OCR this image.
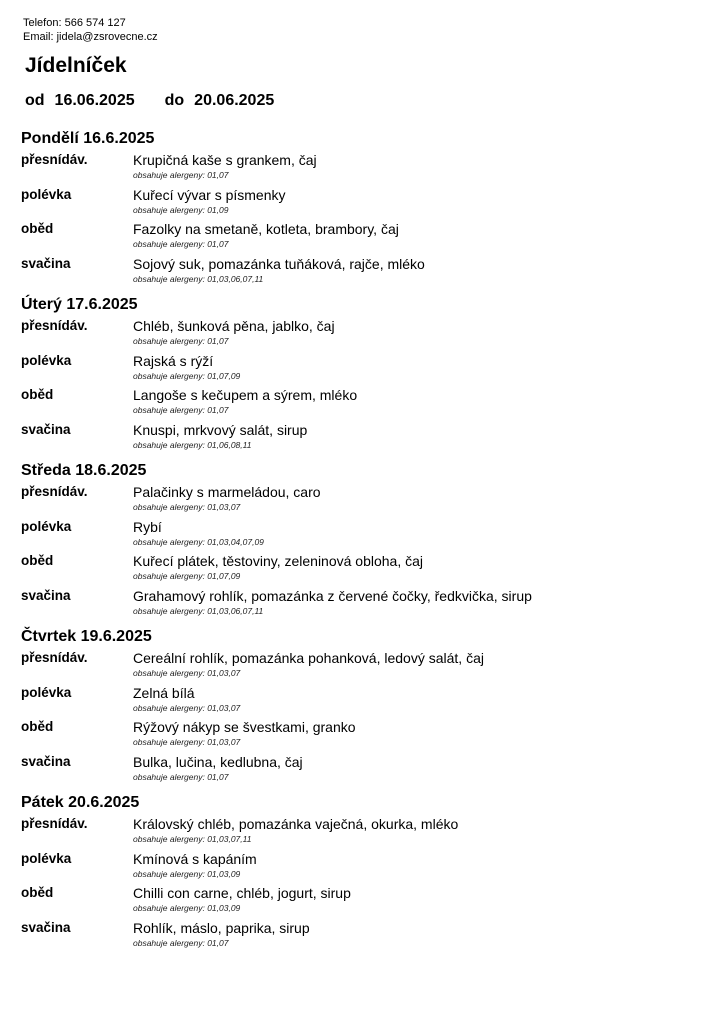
Telefon: 566 574 127
Email: jidela@zsrovecne.cz
Jídelníček
od 16.06.2025 do 20.06.2025
Pondělí 16.6.2025
přesnídáv.	Krupičná kaše s grankem, čaj
obsahuje alergeny: 01,07
polévka	Kuřecí vývar s písmenky
obsahuje alergeny: 01,09
oběd	Fazolky na smetaně, kotleta, brambory, čaj
obsahuje alergeny: 01,07
svačina	Sojový suk, pomazánka tuňáková, rajče, mléko
obsahuje alergeny: 01,03,06,07,11
Úterý 17.6.2025
přesnídáv.	Chléb, šunková pěna, jablko, čaj
obsahuje alergeny: 01,07
polévka	Rajská s rýží
obsahuje alergeny: 01,07,09
oběd	Langoše s kečupem a sýrem, mléko
obsahuje alergeny: 01,07
svačina	Knuspi, mrkvový salát, sirup
obsahuje alergeny: 01,06,08,11
Středa 18.6.2025
přesnídáv.	Palačinky s marmeládou, caro
obsahuje alergeny: 01,03,07
polévka	Rybí
obsahuje alergeny: 01,03,04,07,09
oběd	Kuřecí plátek, těstoviny, zeleninová obloha, čaj
obsahuje alergeny: 01,07,09
svačina	Grahamový rohlík, pomazánka z červené čočky, ředkvička, sirup
obsahuje alergeny: 01,03,06,07,11
Čtvrtek 19.6.2025
přesnídáv.	Cereální rohlík, pomazánka pohanková, ledový salát, čaj
obsahuje alergeny: 01,03,07
polévka	Zelná bílá
obsahuje alergeny: 01,03,07
oběd	Rýžový nákyp se švestkami, granko
obsahuje alergeny: 01,03,07
svačina	Bulka, lučina, kedlubna, čaj
obsahuje alergeny: 01,07
Pátek 20.6.2025
přesnídáv.	Královský chléb, pomazánka vaječná, okurka, mléko
obsahuje alergeny: 01,03,07,11
polévka	Kmínová s kapáním
obsahuje alergeny: 01,03,09
oběd	Chilli con carne, chléb, jogurt, sirup
obsahuje alergeny: 01,03,09
svačina	Rohlík, máslo, paprika, sirup
obsahuje alergeny: 01,07
